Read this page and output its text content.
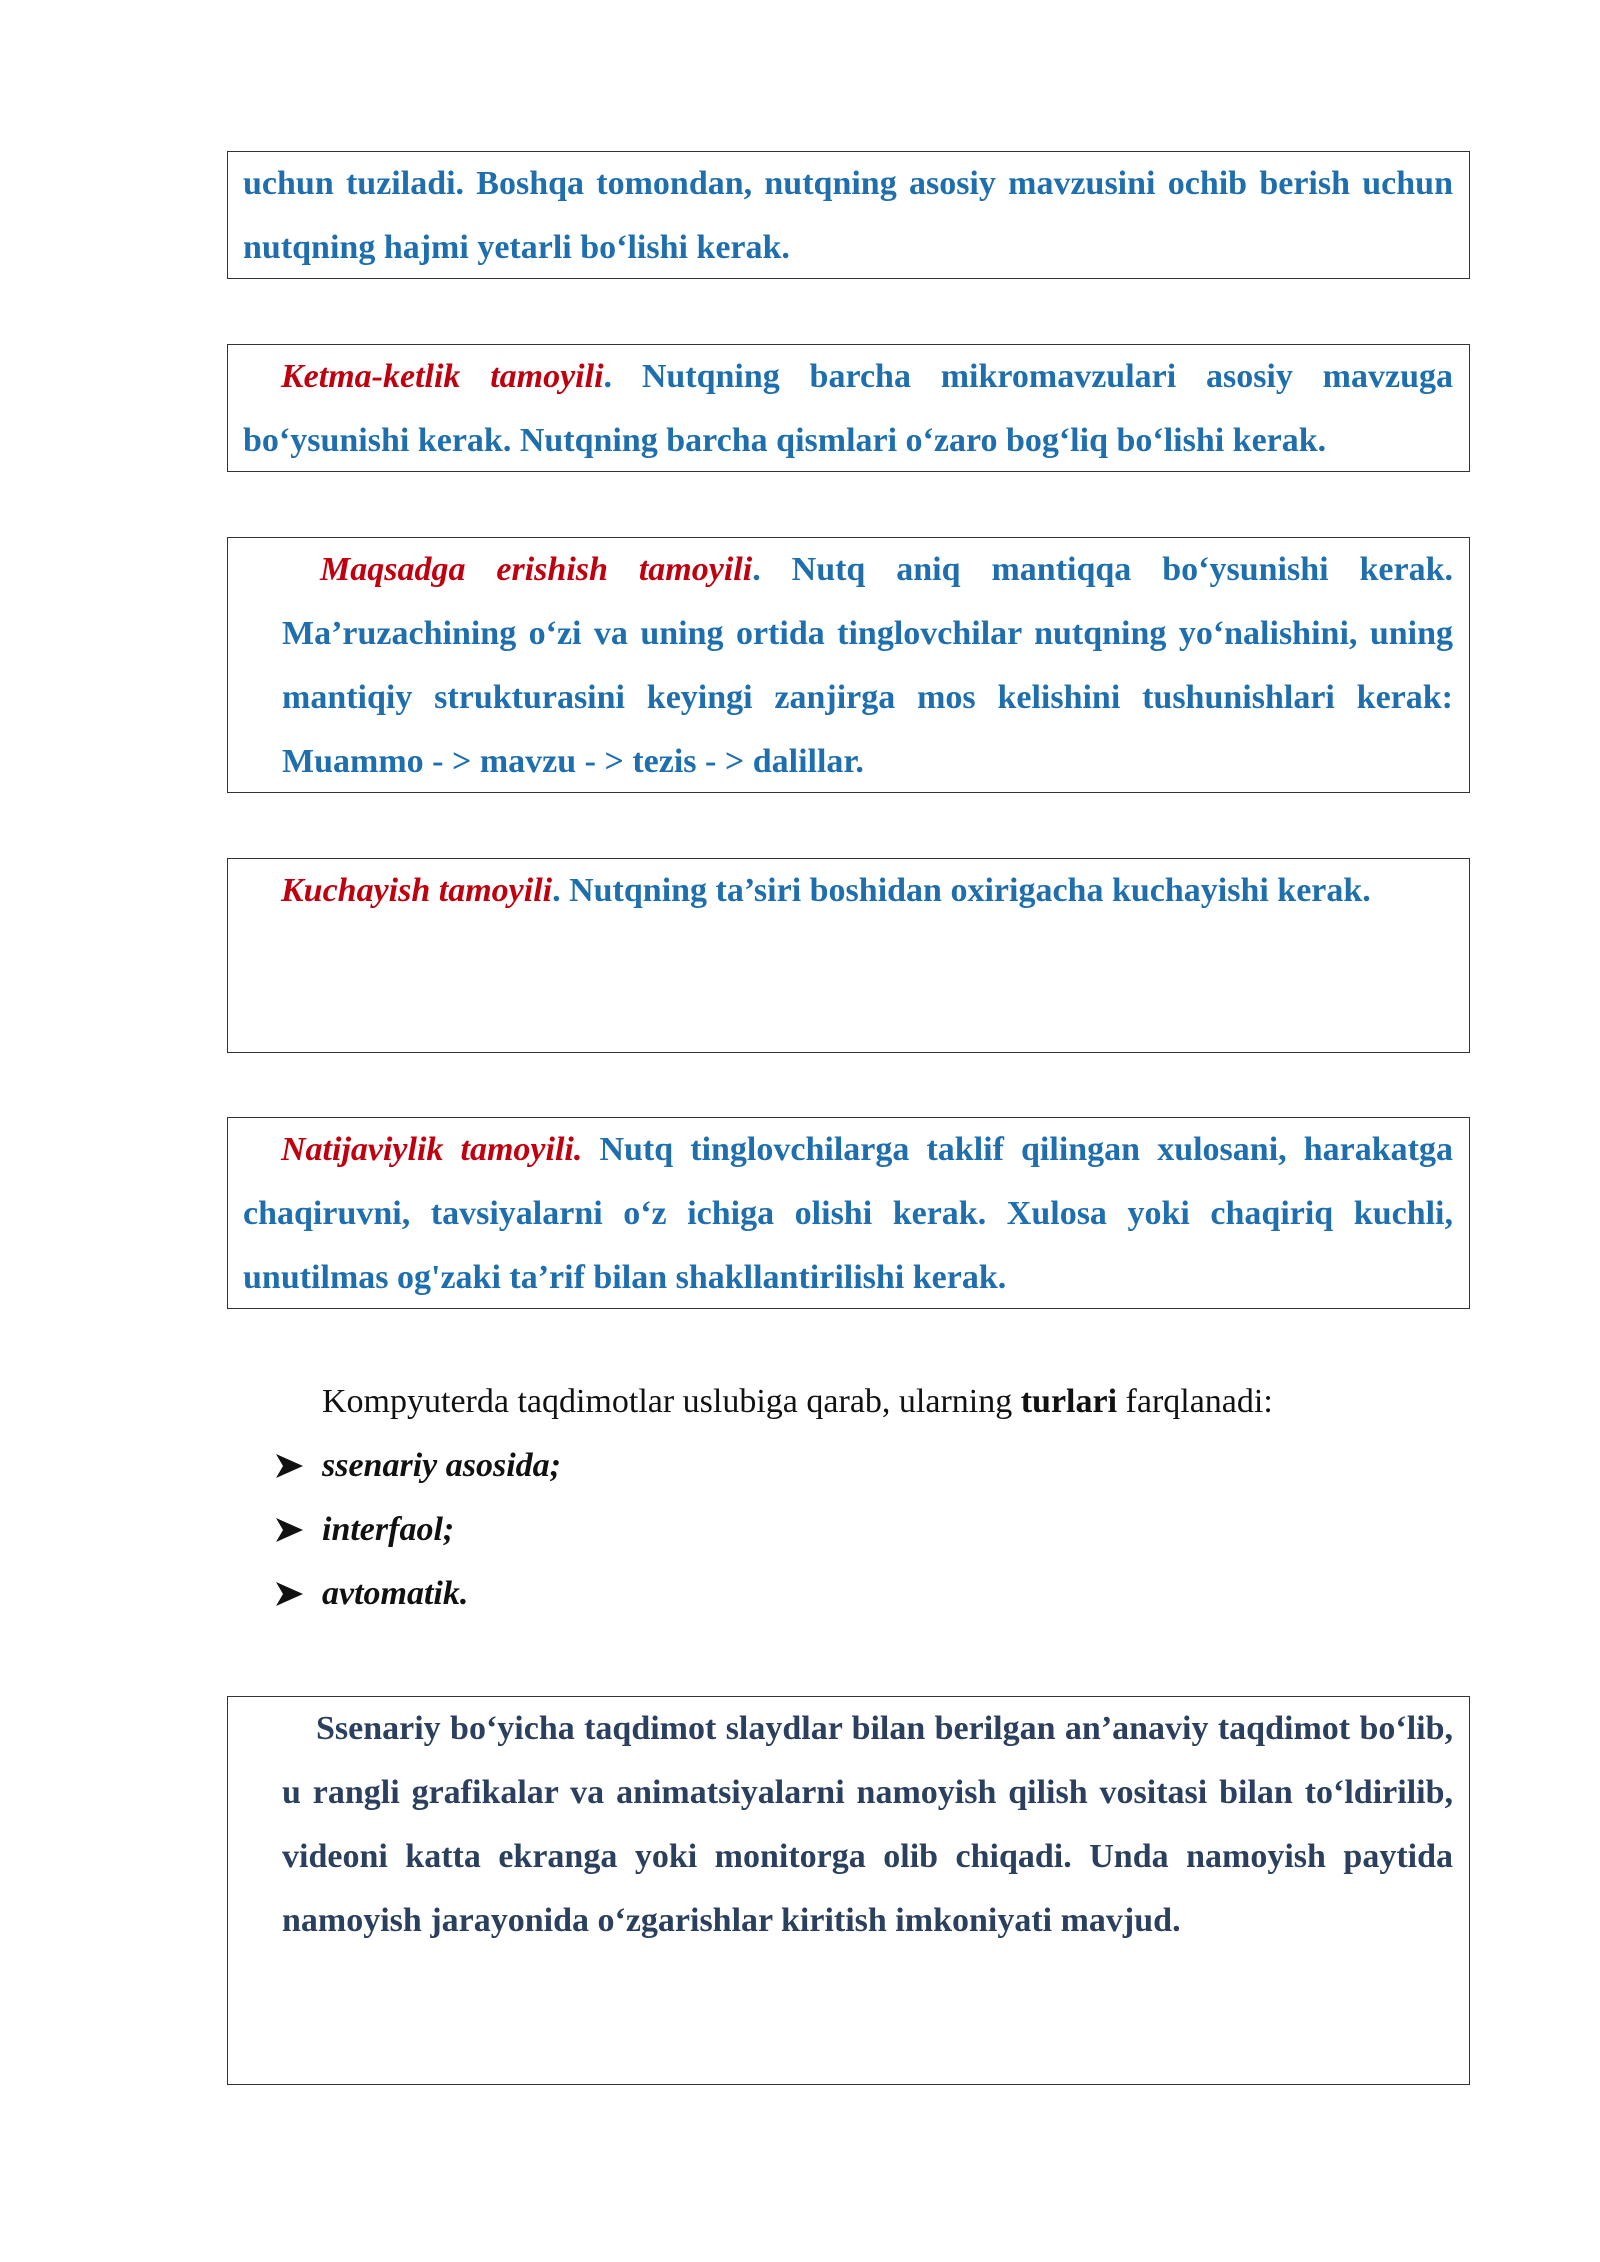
uchun tuziladi. Boshqa tomondan, nutqning asosiy mavzusini ochib berish uchun nutqning hajmi yetarli bo‘lishi kerak.

Ketma-ketlik tamoyili. Nutqning barcha mikromavzulari asosiy mavzuga bo‘ysunishi kerak. Nutqning barcha qismlari o‘zaro bog‘liq bo‘lishi kerak.

Maqsadga erishish tamoyili. Nutq aniq mantiqqa bo‘ysunishi kerak. Ma’ruzachining o‘zi va uning ortida tinglovchilar nutqning yo‘nalishini, uning mantiqiy strukturasini keyingi zanjirga mos kelishini tushunishlari kerak: Muammo - > mavzu - > tezis - > dalillar.

Kuchayish tamoyili. Nutqning ta’siri boshidan oxirigacha kuchayishi kerak.

Natijaviylik tamoyili. Nutq tinglovchilarga taklif qilingan xulosani, harakatga chaqiruvni, tavsiyalarni o‘z ichiga olishi kerak. Xulosa yoki chaqiriq kuchli, unutilmas og'zaki ta’rif bilan shakllantirilishi kerak.

Kompyuterda taqdimotlar uslubiga qarab, ularning turlari farqlanadi:
ssenariy asosida;
interfaol;
avtomatik.

Ssenariy bo‘yicha taqdimot slaydlar bilan berilgan an’anaviy taqdimot bo‘lib, u rangli grafikalar va animatsiyalarni namoyish qilish vositasi bilan to‘ldirilib, videoni katta ekranga yoki monitorga olib chiqadi. Unda namoyish paytida namoyish jarayonida o‘zgarishlar kiritish imkoniyati mavjud.
